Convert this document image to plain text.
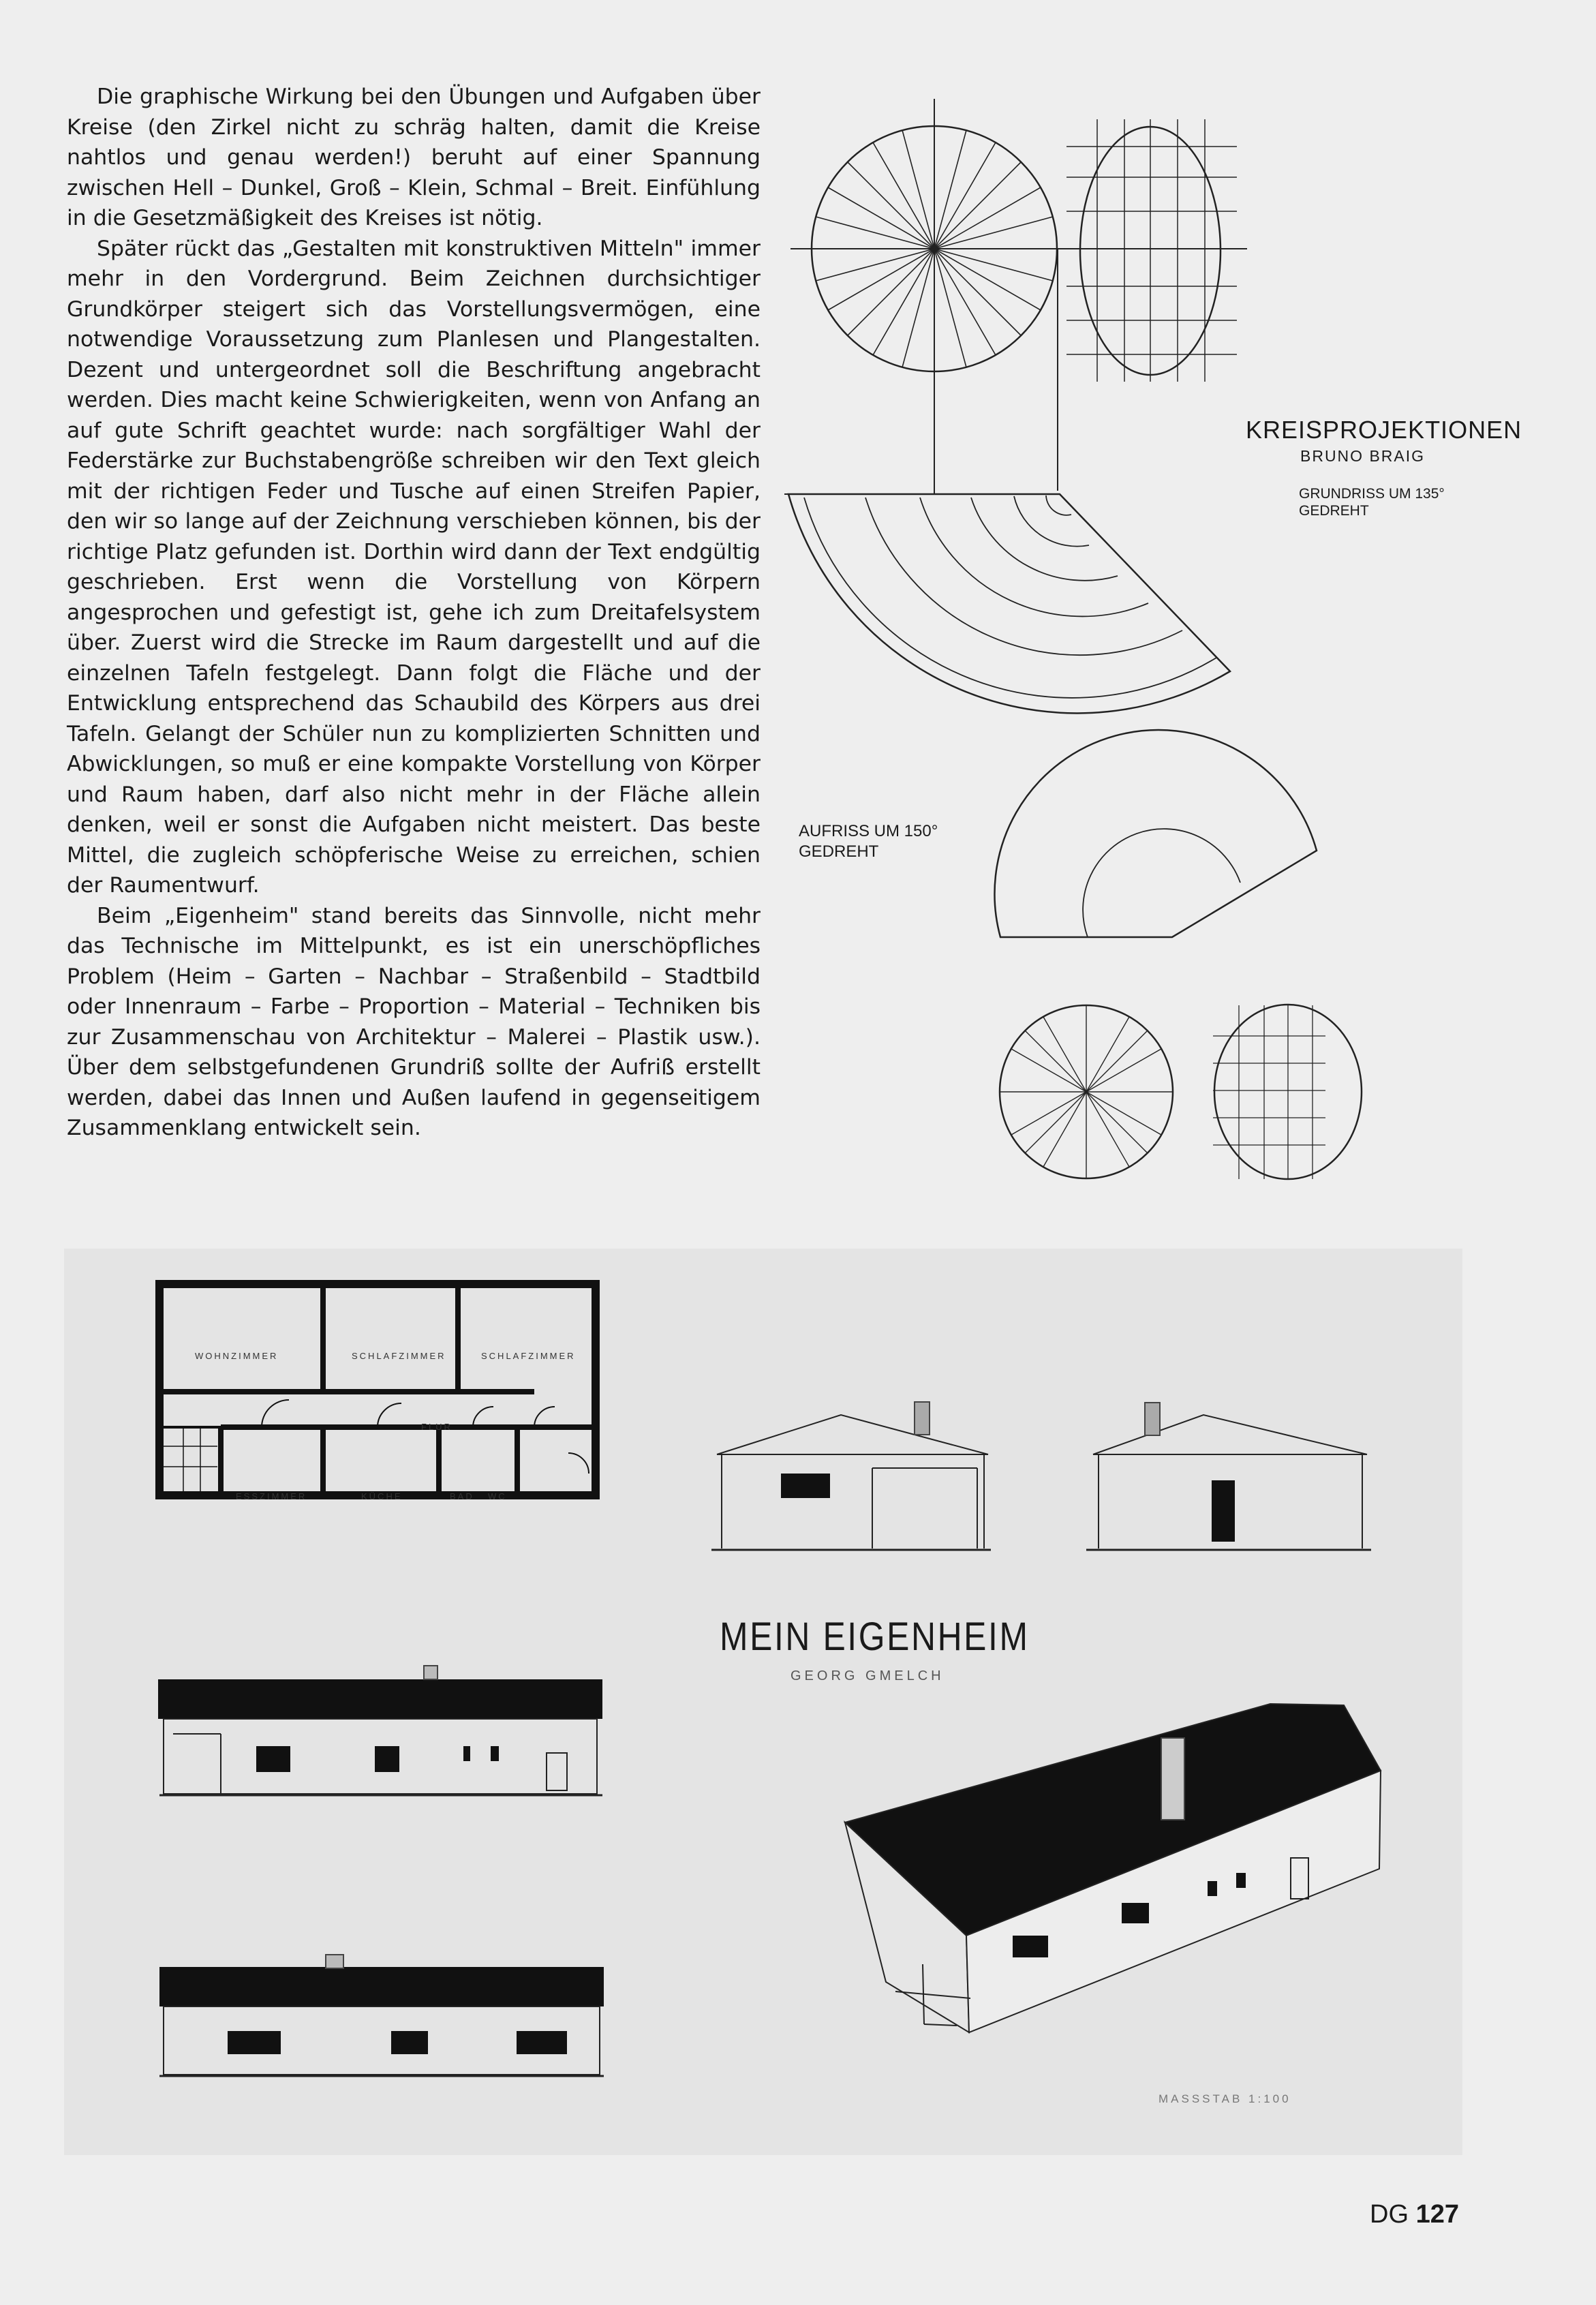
Die graphische Wirkung bei den Übungen und Aufgaben über Kreise (den Zirkel nicht zu schräg halten, damit die Kreise nahtlos und genau werden!) beruht auf einer Spannung zwischen Hell – Dunkel, Groß – Klein, Schmal – Breit. Einfühlung in die Gesetzmäßigkeit des Kreises ist nötig.

Später rückt das „Gestalten mit konstruktiven Mitteln" immer mehr in den Vordergrund. Beim Zeichnen durchsichtiger Grundkörper steigert sich das Vorstellungsvermögen, eine notwendige Voraussetzung zum Planlesen und Plangestalten. Dezent und untergeordnet soll die Beschriftung angebracht werden. Dies macht keine Schwierigkeiten, wenn von Anfang an auf gute Schrift geachtet wurde: nach sorgfältiger Wahl der Federstärke zur Buchstabengröße schreiben wir den Text gleich mit der richtigen Feder und Tusche auf einen Streifen Papier, den wir so lange auf der Zeichnung verschieben können, bis der richtige Platz gefunden ist. Dorthin wird dann der Text endgültig geschrieben. Erst wenn die Vorstellung von Körpern angesprochen und gefestigt ist, gehe ich zum Dreitafelsystem über. Zuerst wird die Strecke im Raum dargestellt und auf die einzelnen Tafeln festgelegt. Dann folgt die Fläche und der Entwicklung entsprechend das Schaubild des Körpers aus drei Tafeln. Gelangt der Schüler nun zu komplizierten Schnitten und Abwicklungen, so muß er eine kompakte Vorstellung von Körper und Raum haben, darf also nicht mehr in der Fläche allein denken, weil er sonst die Aufgaben nicht meistert. Das beste Mittel, die zugleich schöpferische Weise zu erreichen, schien der Raumentwurf.

Beim „Eigenheim" stand bereits das Sinnvolle, nicht mehr das Technische im Mittelpunkt, es ist ein unerschöpfliches Problem (Heim – Garten – Nachbar – Straßenbild – Stadtbild oder Innenraum – Farbe – Proportion – Material – Techniken bis zur Zusammenschau von Architektur – Malerei – Plastik usw.). Über dem selbstgefundenen Grundriß sollte der Aufriß erstellt werden, dabei das Innen und Außen laufend in gegenseitigem Zusammenklang entwickelt sein.

KREISPROJEKTIONEN
BRUNO BRAIG
GRUNDRISS UM 135° GEDREHT
AUFRISS UM 150° GEDREHT
WOHNZIMMER	SCHLAFZIMMER	SCHLAFZIMMER
FLUR
ESSZIMMER	KÜCHE	BAD WC
MEIN EIGENHEIM
GEORG GMELCH
MASSSTAB 1:100
DG 127
